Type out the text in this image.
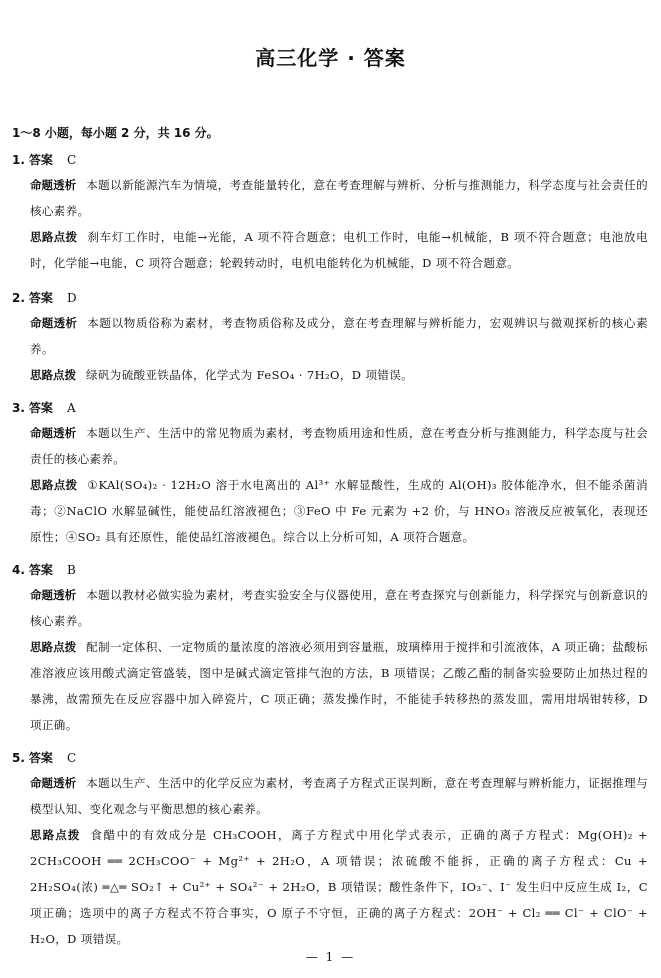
高三化学 · 答案
1～8 小题，每小题 2 分，共 16 分。
1. 答案 C
命题透析 本题以新能源汽车为情境，考查能量转化，意在考查理解与辨析、分析与推测能力，科学态度与社会责任的核心素养。
思路点拨 刹车灯工作时，电能→光能，A 项不符合题意；电机工作时，电能→机械能，B 项不符合题意；电池放电时，化学能→电能，C 项符合题意；轮毂转动时，电机电能转化为机械能，D 项不符合题意。
2. 答案 D
命题透析 本题以物质俗称为素材，考查物质俗称及成分，意在考查理解与辨析能力，宏观辨识与微观探析的核心素养。
思路点拨 绿矾为硫酸亚铁晶体，化学式为 FeSO₄ · 7H₂O，D 项错误。
3. 答案 A
命题透析 本题以生产、生活中的常见物质为素材，考查物质用途和性质，意在考查分析与推测能力，科学态度与社会责任的核心素养。
思路点拨 ①KAl(SO₄)₂ · 12H₂O 溶于水电离出的 Al³⁺ 水解显酸性，生成的 Al(OH)₃ 胶体能净水，但不能杀菌消毒；②NaClO 水解显碱性，能使品红溶液褪色；③FeO 中 Fe 元素为 +2 价，与 HNO₃ 溶液反应被氧化，表现还原性；④SO₂ 具有还原性，能使品红溶液褪色。综合以上分析可知，A 项符合题意。
4. 答案 B
命题透析 本题以教材必做实验为素材，考查实验安全与仪器使用，意在考查探究与创新能力，科学探究与创新意识的核心素养。
思路点拨 配制一定体积、一定物质的量浓度的溶液必须用到容量瓶，玻璃棒用于搅拌和引流液体，A 项正确；盐酸标准溶液应该用酸式滴定管盛装，图中是碱式滴定管排气泡的方法，B 项错误；乙酸乙酯的制备实验要防止加热过程的暴沸，故需预先在反应容器中加入碎瓷片，C 项正确；蒸发操作时，不能徒手转移热的蒸发皿，需用坩埚钳转移，D 项正确。
5. 答案 C
命题透析 本题以生产、生活中的化学反应为素材，考查离子方程式正误判断，意在考查理解与辨析能力，证据推理与模型认知、变化观念与平衡思想的核心素养。
思路点拨 食醋中的有效成分是 CH₃COOH，离子方程式中用化学式表示，正确的离子方程式：Mg(OH)₂ + 2CH₃COOH ══ 2CH₃COO⁻ + Mg²⁺ + 2H₂O，A 项错误；浓硫酸不能拆，正确的离子方程式：Cu + 2H₂SO₄(浓) ═△═ SO₂↑ + Cu²⁺ + SO₄²⁻ + 2H₂O，B 项错误；酸性条件下，IO₃⁻、I⁻ 发生归中反应生成 I₂，C 项正确；选项中的离子方程式不符合事实，O 原子不守恒，正确的离子方程式：2OH⁻ + Cl₂ ══ Cl⁻ + ClO⁻ + H₂O，D 项错误。
— 1 —
